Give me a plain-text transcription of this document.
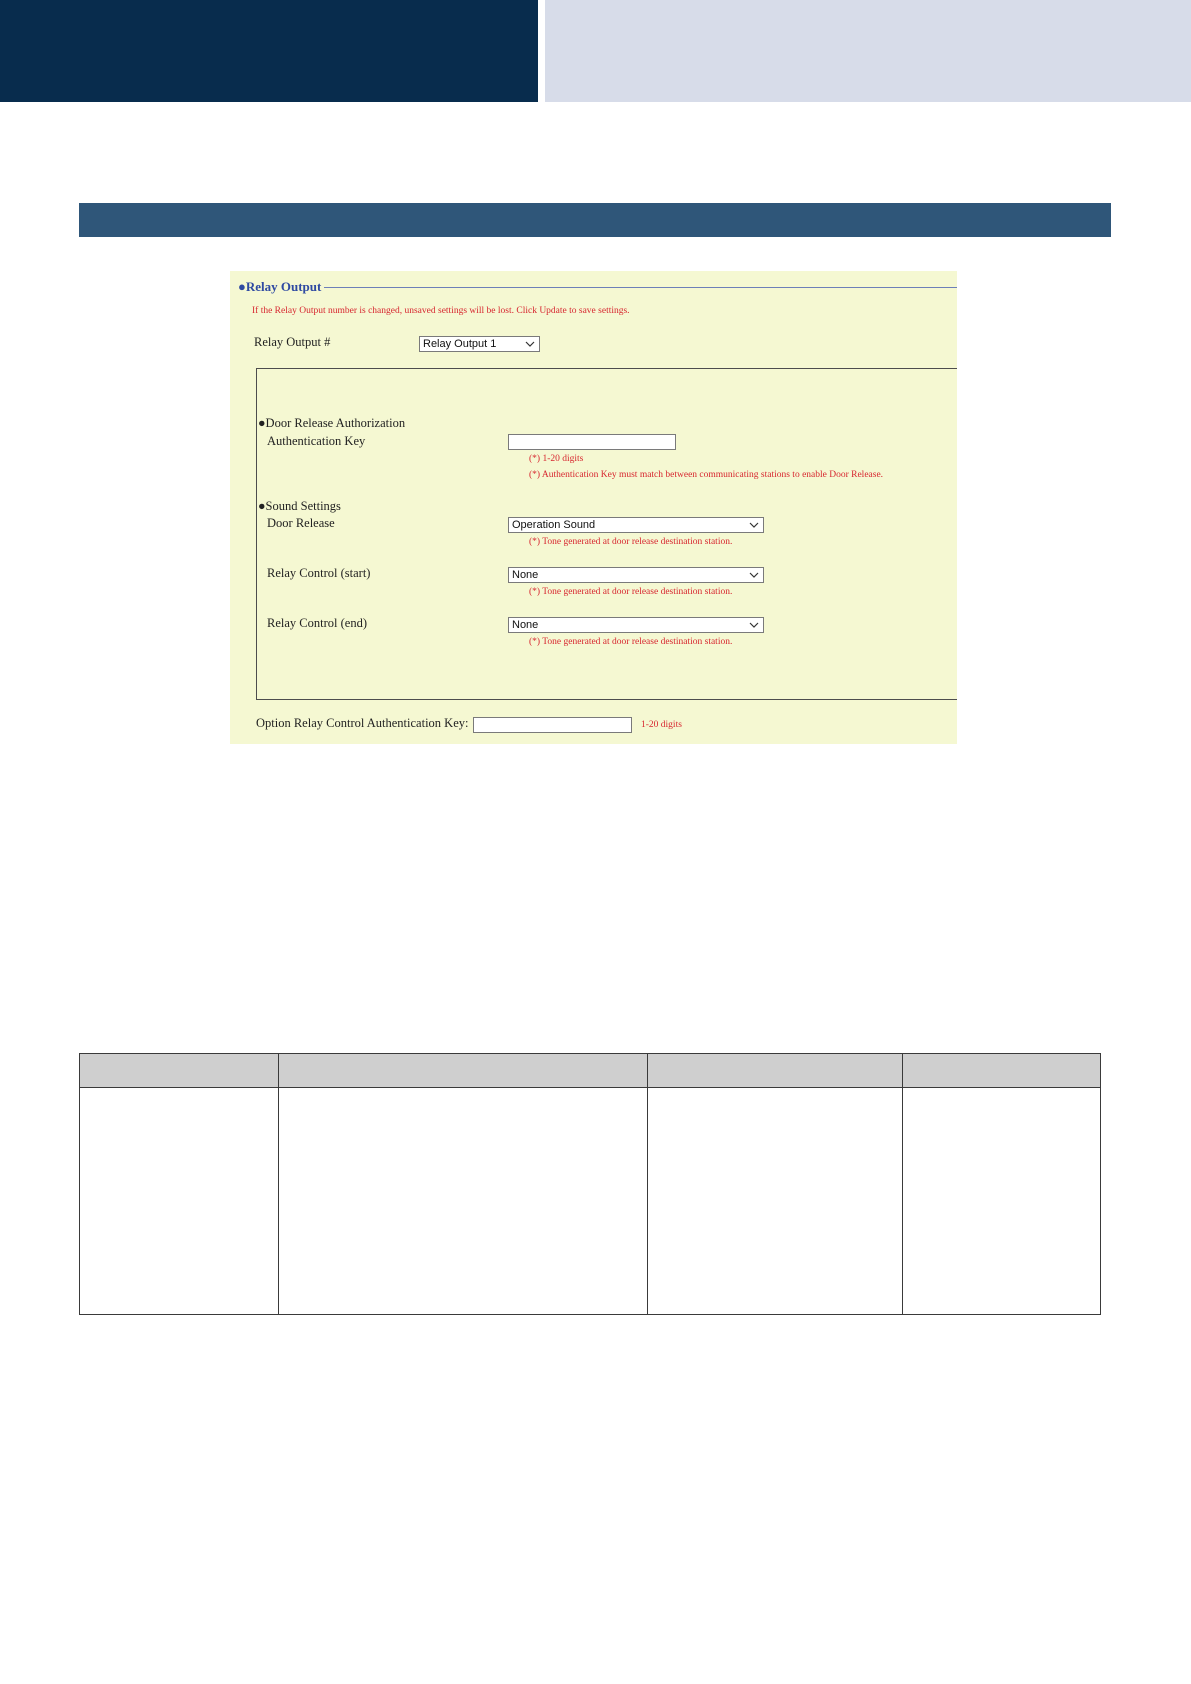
●Relay Output
If the Relay Output number is changed, unsaved settings will be lost. Click Update to save settings.
Relay Output #	Relay Output 1
●Door Release Authorization
Authentication Key
(*) 1-20 digits
(*) Authentication Key must match between communicating stations to enable Door Release.
●Sound Settings
Door Release	Operation Sound
(*) Tone generated at door release destination station.
Relay Control (start)	None
(*) Tone generated at door release destination station.
Relay Control (end)	None
(*) Tone generated at door release destination station.
Option Relay Control Authentication Key:	1-20 digits
